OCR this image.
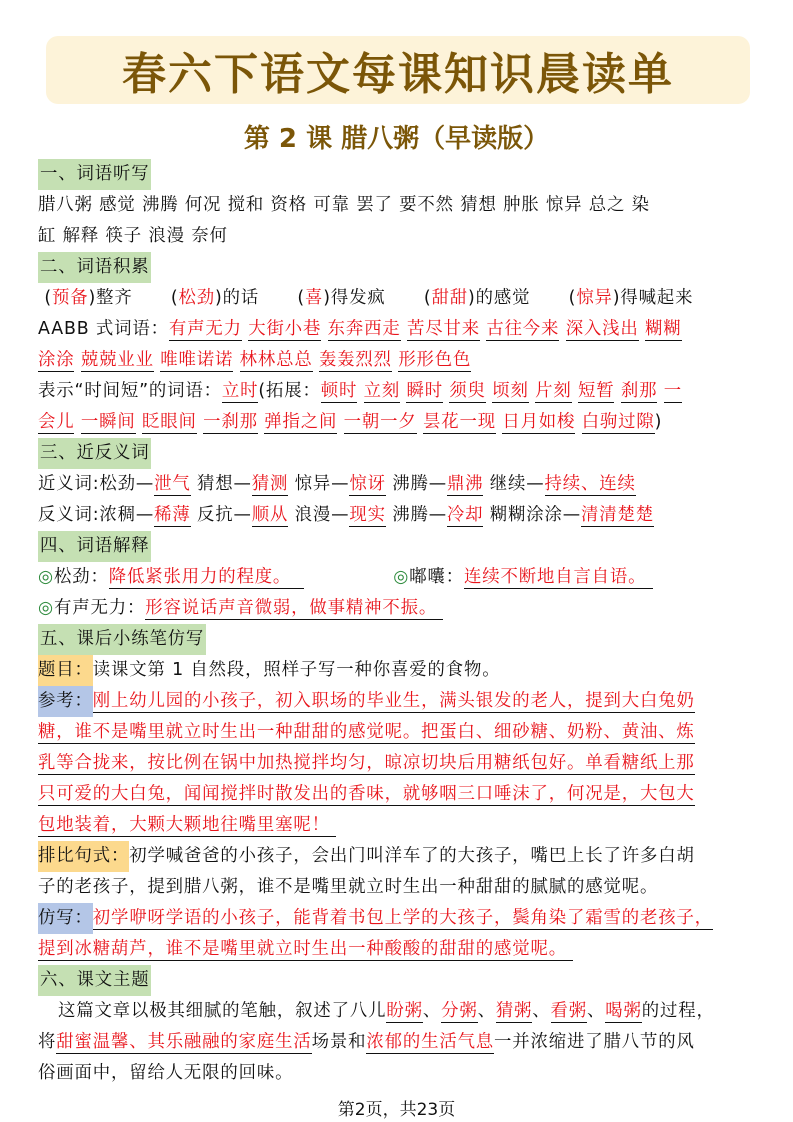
春六下语文每课知识晨读单
第 2 课 腊八粥（早读版）
一、词语听写
腊八粥 感觉 沸腾 何况 搅和 资格 可靠 罢了 要不然 猜想 肿胀 惊异 总之 染
缸 解释 筷子 浪漫 奈何
二、词语积累
(预备)整齐      (松劲)的话      (喜)得发疯      (甜甜)的感觉      (惊异)得喊起来
AABB 式词语：有声无力 大街小巷 东奔西走 苦尽甘来 古往今来 深入浅出 糊糊
涂涂 兢兢业业 唯唯诺诺 林林总总 轰轰烈烈 形形色色
表示“时间短”的词语：立时(拓展：顿时 立刻 瞬时 须臾 顷刻 片刻 短暂 刹那 一
会儿 一瞬间 眨眼间 一刹那 弹指之间 一朝一夕 昙花一现 日月如梭 白驹过隙)
三、近反义词
近义词:松劲—泄气 猜想—猜测 惊异—惊讶 沸腾—鼎沸 继续—持续、连续
反义词:浓稠—稀薄 反抗—顺从 浪漫—现实 沸腾—冷却 糊糊涂涂—清清楚楚
四、词语解释
◎松劲：降低紧张用力的程度。	◎嘟囔：连续不断地自言自语。
◎有声无力：形容说话声音微弱，做事精神不振。
五、课后小练笔仿写
题目：读课文第 1 自然段，照样子写一种你喜爱的食物。
参考：刚上幼儿园的小孩子，初入职场的毕业生，满头银发的老人，提到大白兔奶
糖，谁不是嘴里就立时生出一种甜甜的感觉呢。把蛋白、细砂糖、奶粉、黄油、炼
乳等合拢来，按比例在锅中加热搅拌均匀，晾凉切块后用糖纸包好。单看糖纸上那
只可爱的大白兔，闻闻搅拌时散发出的香味，就够咽三口唾沫了，何况是，大包大
包地装着，大颗大颗地往嘴里塞呢！
排比句式：初学喊爸爸的小孩子，会出门叫洋车了的大孩子，嘴巴上长了许多白胡
子的老孩子，提到腊八粥，谁不是嘴里就立时生出一种甜甜的腻腻的感觉呢。
仿写：初学咿呀学语的小孩子，能背着书包上学的大孩子，鬓角染了霜雪的老孩子，
提到冰糖葫芦，谁不是嘴里就立时生出一种酸酸的甜甜的感觉呢。
六、课文主题
这篇文章以极其细腻的笔触，叙述了八儿盼粥、分粥、猜粥、看粥、喝粥的过程，
将甜蜜温馨、其乐融融的家庭生活场景和浓郁的生活气息一并浓缩进了腊八节的风
俗画面中，留给人无限的回味。
第2页，共23页
